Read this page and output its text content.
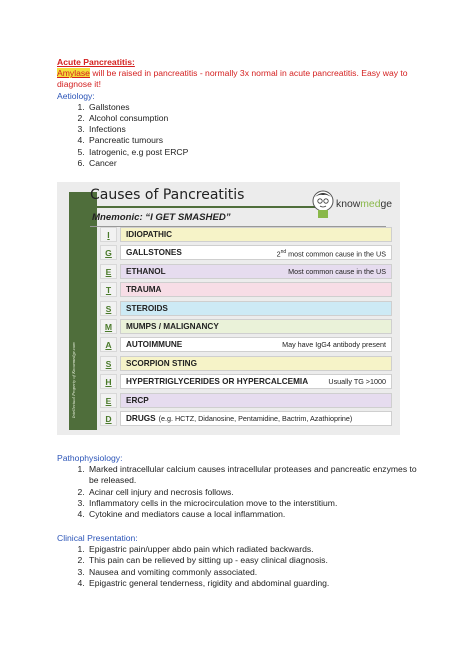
Acute Pancreatitis:
Amylase will be raised in pancreatitis - normally 3x normal in acute pancreatitis. Easy way to diagnose it!
Aetiology:
1. Gallstones
2. Alcohol consumption
3. Infections
4. Pancreatic tumours
5. Iatrogenic, e.g post ERCP
6. Cancer
Intellectual Property of Knowmedge.com
Causes of Pancreatitis
knowmedge
Mnemonic: “I GET SMASHED”
I	IDIOPATHIC
G	GALLSTONES	2nd most common cause in the US
E	ETHANOL	Most common cause in the US
T	TRAUMA
S	STEROIDS
M	MUMPS / MALIGNANCY
A	AUTOIMMUNE	May have IgG4 antibody present
S	SCORPION STING
H	HYPERTRIGLYCERIDES OR HYPERCALCEMIA	Usually TG >1000
E	ERCP
D	DRUGS (e.g. HCTZ, Didanosine, Pentamidine, Bactrim, Azathioprine)
Pathophysiology:
1. Marked intracellular calcium causes intracellular proteases and pancreatic enzymes to be released.
2. Acinar cell injury and necrosis follows.
3. Inflammatory cells in the microcirculation move to the interstitium.
4. Cytokine and mediators cause a local inflammation.
Clinical Presentation:
1. Epigastric pain/upper abdo pain which radiated backwards.
2. This pain can be relieved by sitting up - easy clinical diagnosis.
3. Nausea and vomiting commonly associated.
4. Epigastric general tenderness, rigidity and abdominal guarding.
